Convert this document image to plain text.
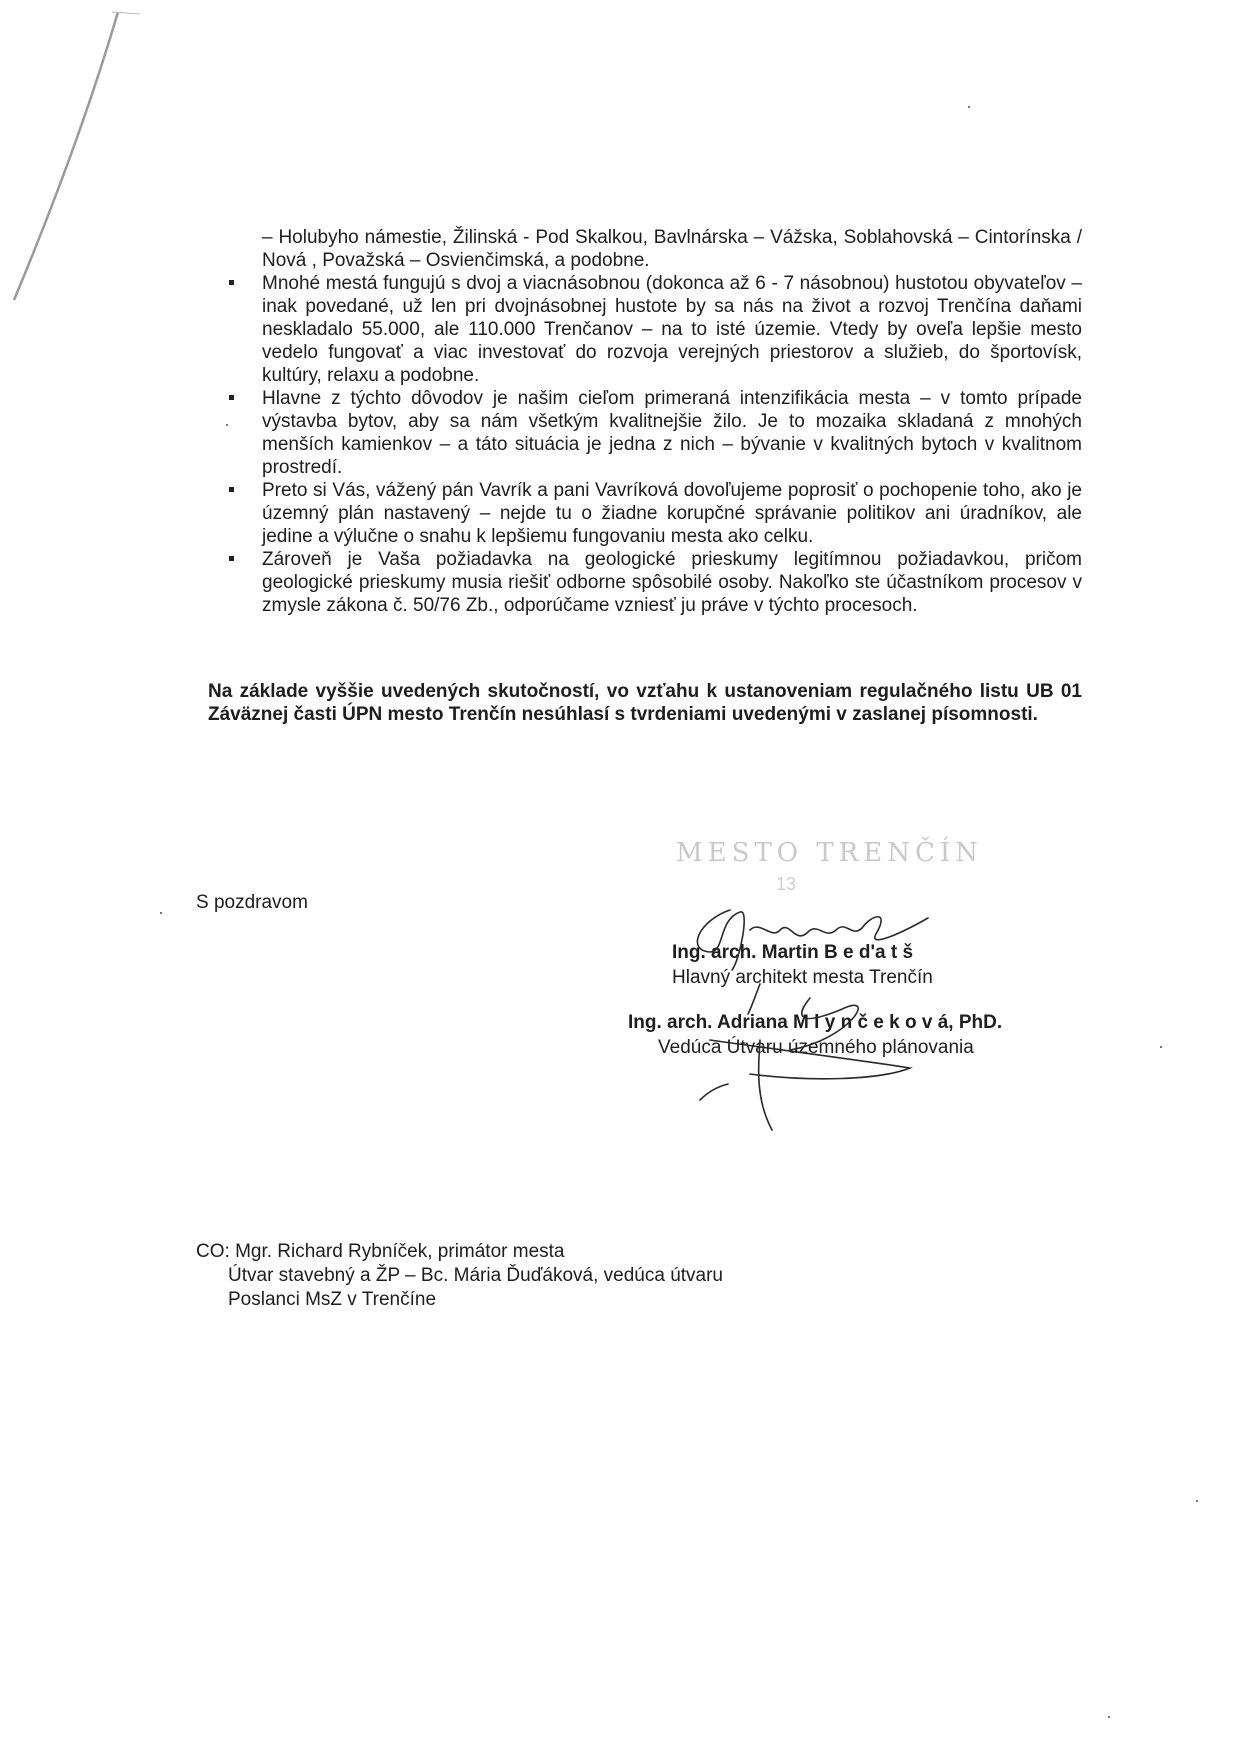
– Holubyho námestie, Žilinská - Pod Skalkou, Bavlnárska – Vážska, Soblahovská – Cintorínska / Nová , Považská – Osvienčimská, a podobne.

Mnohé mestá fungujú s dvoj a viacnásobnou (dokonca až 6 - 7 násobnou) hustotou obyvateľov – inak povedané, už len pri dvojnásobnej hustote by sa nás na život a rozvoj Trenčína daňami neskladalo 55.000, ale 110.000 Trenčanov – na to isté územie. Vtedy by oveľa lepšie mesto vedelo fungovať a viac investovať do rozvoja verejných priestorov a služieb, do športovísk, kultúry, relaxu a podobne.
Hlavne z týchto dôvodov je našim cieľom primeraná intenzifikácia mesta – v tomto prípade výstavba bytov, aby sa nám všetkým kvalitnejšie žilo. Je to mozaika skladaná z mnohých menších kamienkov – a táto situácia je jedna z nich – bývanie v kvalitných bytoch v kvalitnom prostredí.
Preto si Vás, vážený pán Vavrík a pani Vavríková dovoľujeme poprosiť o pochopenie toho, ako je územný plán nastavený – nejde tu o žiadne korupčné správanie politikov ani úradníkov, ale jedine a výlučne o snahu k lepšiemu fungovaniu mesta ako celku.
Zároveň je Vaša požiadavka na geologické prieskumy legitímnou požiadavkou, pričom geologické prieskumy musia riešiť odborne spôsobilé osoby. Nakoľko ste účastníkom procesov v zmysle zákona č. 50/76 Zb., odporúčame vzniesť ju práve v týchto procesoch.

Na základe vyššie uvedených skutočností, vo vzťahu k ustanoveniam regulačného listu UB 01 Záväznej časti ÚPN mesto Trenčín nesúhlasí s tvrdeniami uvedenými v zaslanej písomnosti.

S pozdravom

MESTO TRENČÍN
13
Ing. arch. Martin B e d'a t š
Hlavný architekt mesta Trenčín
Ing. arch. Adriana M l y n č e k o v á, PhD.
Vedúca Útvaru územného plánovania
CO: Mgr. Richard Rybníček, primátor mesta
Útvar stavebný a ŽP – Bc. Mária Ďuďáková, vedúca útvaru
Poslanci MsZ v Trenčíne
